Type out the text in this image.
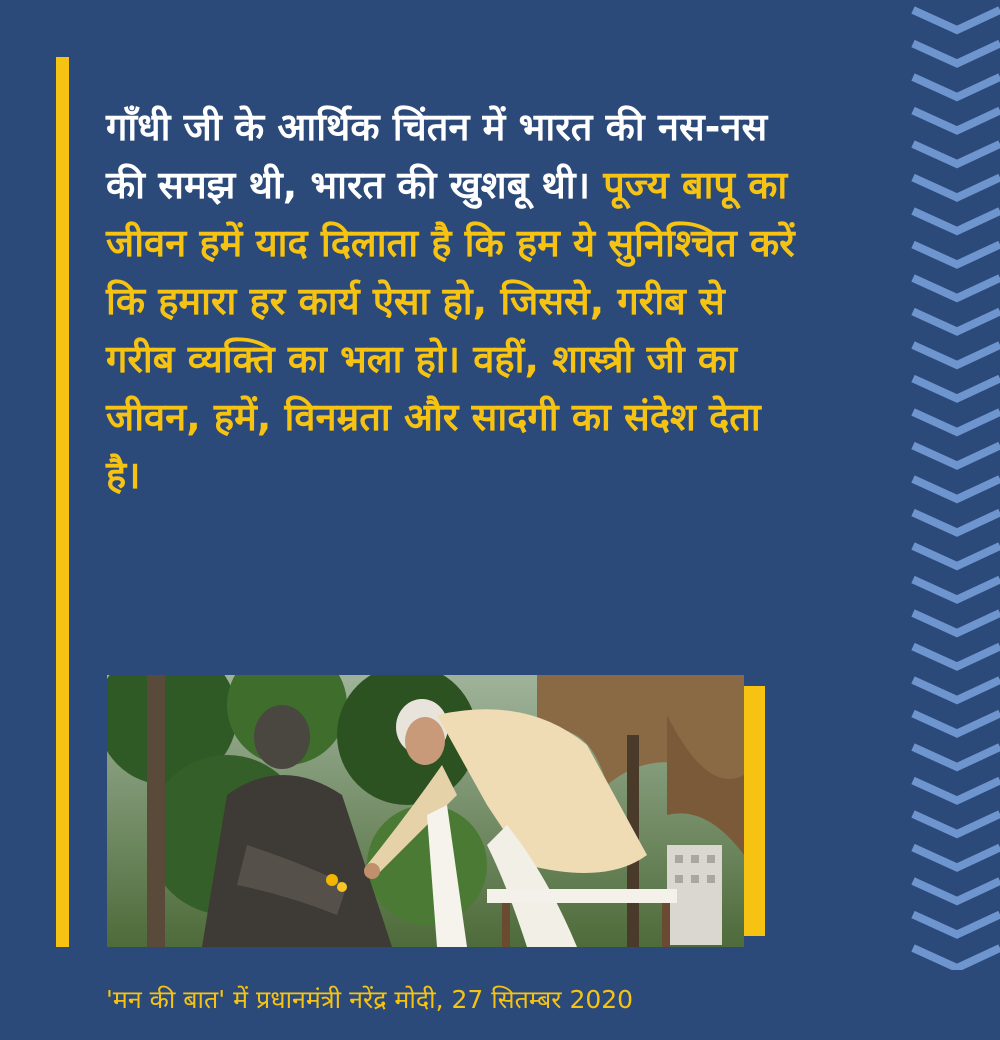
गाँधी जी के आर्थिक चिंतन में भारत की नस-नस की समझ थी, भारत की खुशबू थी। पूज्य बापू का जीवन हमें याद दिलाता है कि हम ये सुनिश्चित करें कि हमारा हर कार्य ऐसा हो, जिससे, गरीब से गरीब व्यक्ति का भला हो। वहीं, शास्त्री जी का जीवन, हमें, विनम्रता और सादगी का संदेश देता है।
'मन की बात' में प्रधानमंत्री नरेंद्र मोदी, 27 सितम्बर 2020
